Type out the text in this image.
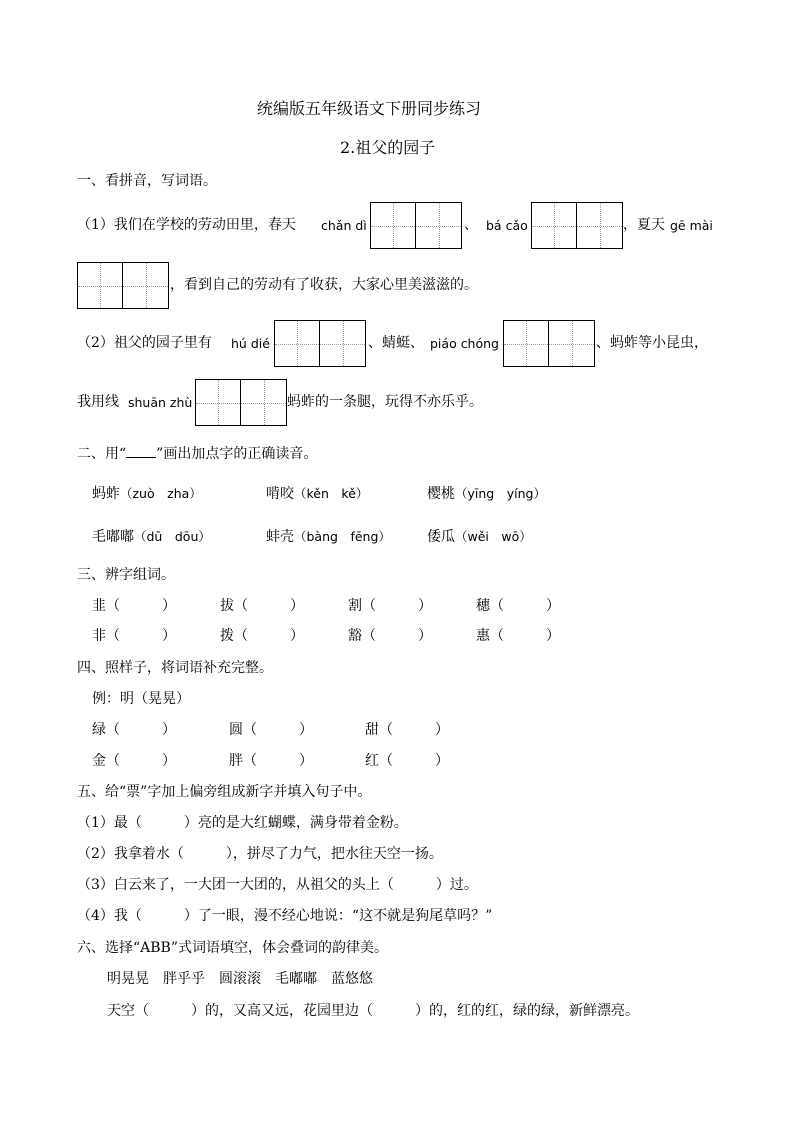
统编版五年级语文下册同步练习
2.祖父的园子
一、看拼音，写词语。
（1）我们在学校的劳动田里，春天 chǎn dì	、 bá cǎo	，夏天 gē mài
，看到自己的劳动有了收获，大家心里美滋滋的。
（2）祖父的园子里有 hú dié	、蜻蜓、 piáo chóng	、蚂蚱等小昆虫，
我用线 shuān zhù	蚂蚱的一条腿，玩得不亦乐乎。
二、用“ ”画出加点字的正确读音。
蚂蚱（zuò　zha）	啃咬（kěn　kě）	樱桃（yīng　yíng）
毛嘟嘟（dū　dōu）	蚌壳（bàng　fēng）	倭瓜（wěi　wō）
三、辨字组词。
韭（　　　）	拔（　　　）	割（　　　）	穗（　　　）
非（　　　）	拨（　　　）	豁（　　　）	惠（　　　）
四、照样子，将词语补充完整。
例：明（晃晃）
绿（　　　）	圆（　　　）	甜（　　　）
金（　　　）	胖（　　　）	红（　　　）
五、给“票”字加上偏旁组成新字并填入句子中。
（1）最（　　　）亮的是大红蝴蝶，满身带着金粉。
（2）我拿着水（　　　），拼尽了力气，把水往天空一扬。
（3）白云来了，一大团一大团的，从祖父的头上（　　　）过。
（4）我（　　　）了一眼，漫不经心地说：“这不就是狗尾草吗？”
六、选择“ABB”式词语填空，体会叠词的韵律美。
明晃晃　胖乎乎　圆滚滚　毛嘟嘟　蓝悠悠
天空（　　　）的，又高又远，花园里边（　　　）的，红的红，绿的绿，新鲜漂亮。
